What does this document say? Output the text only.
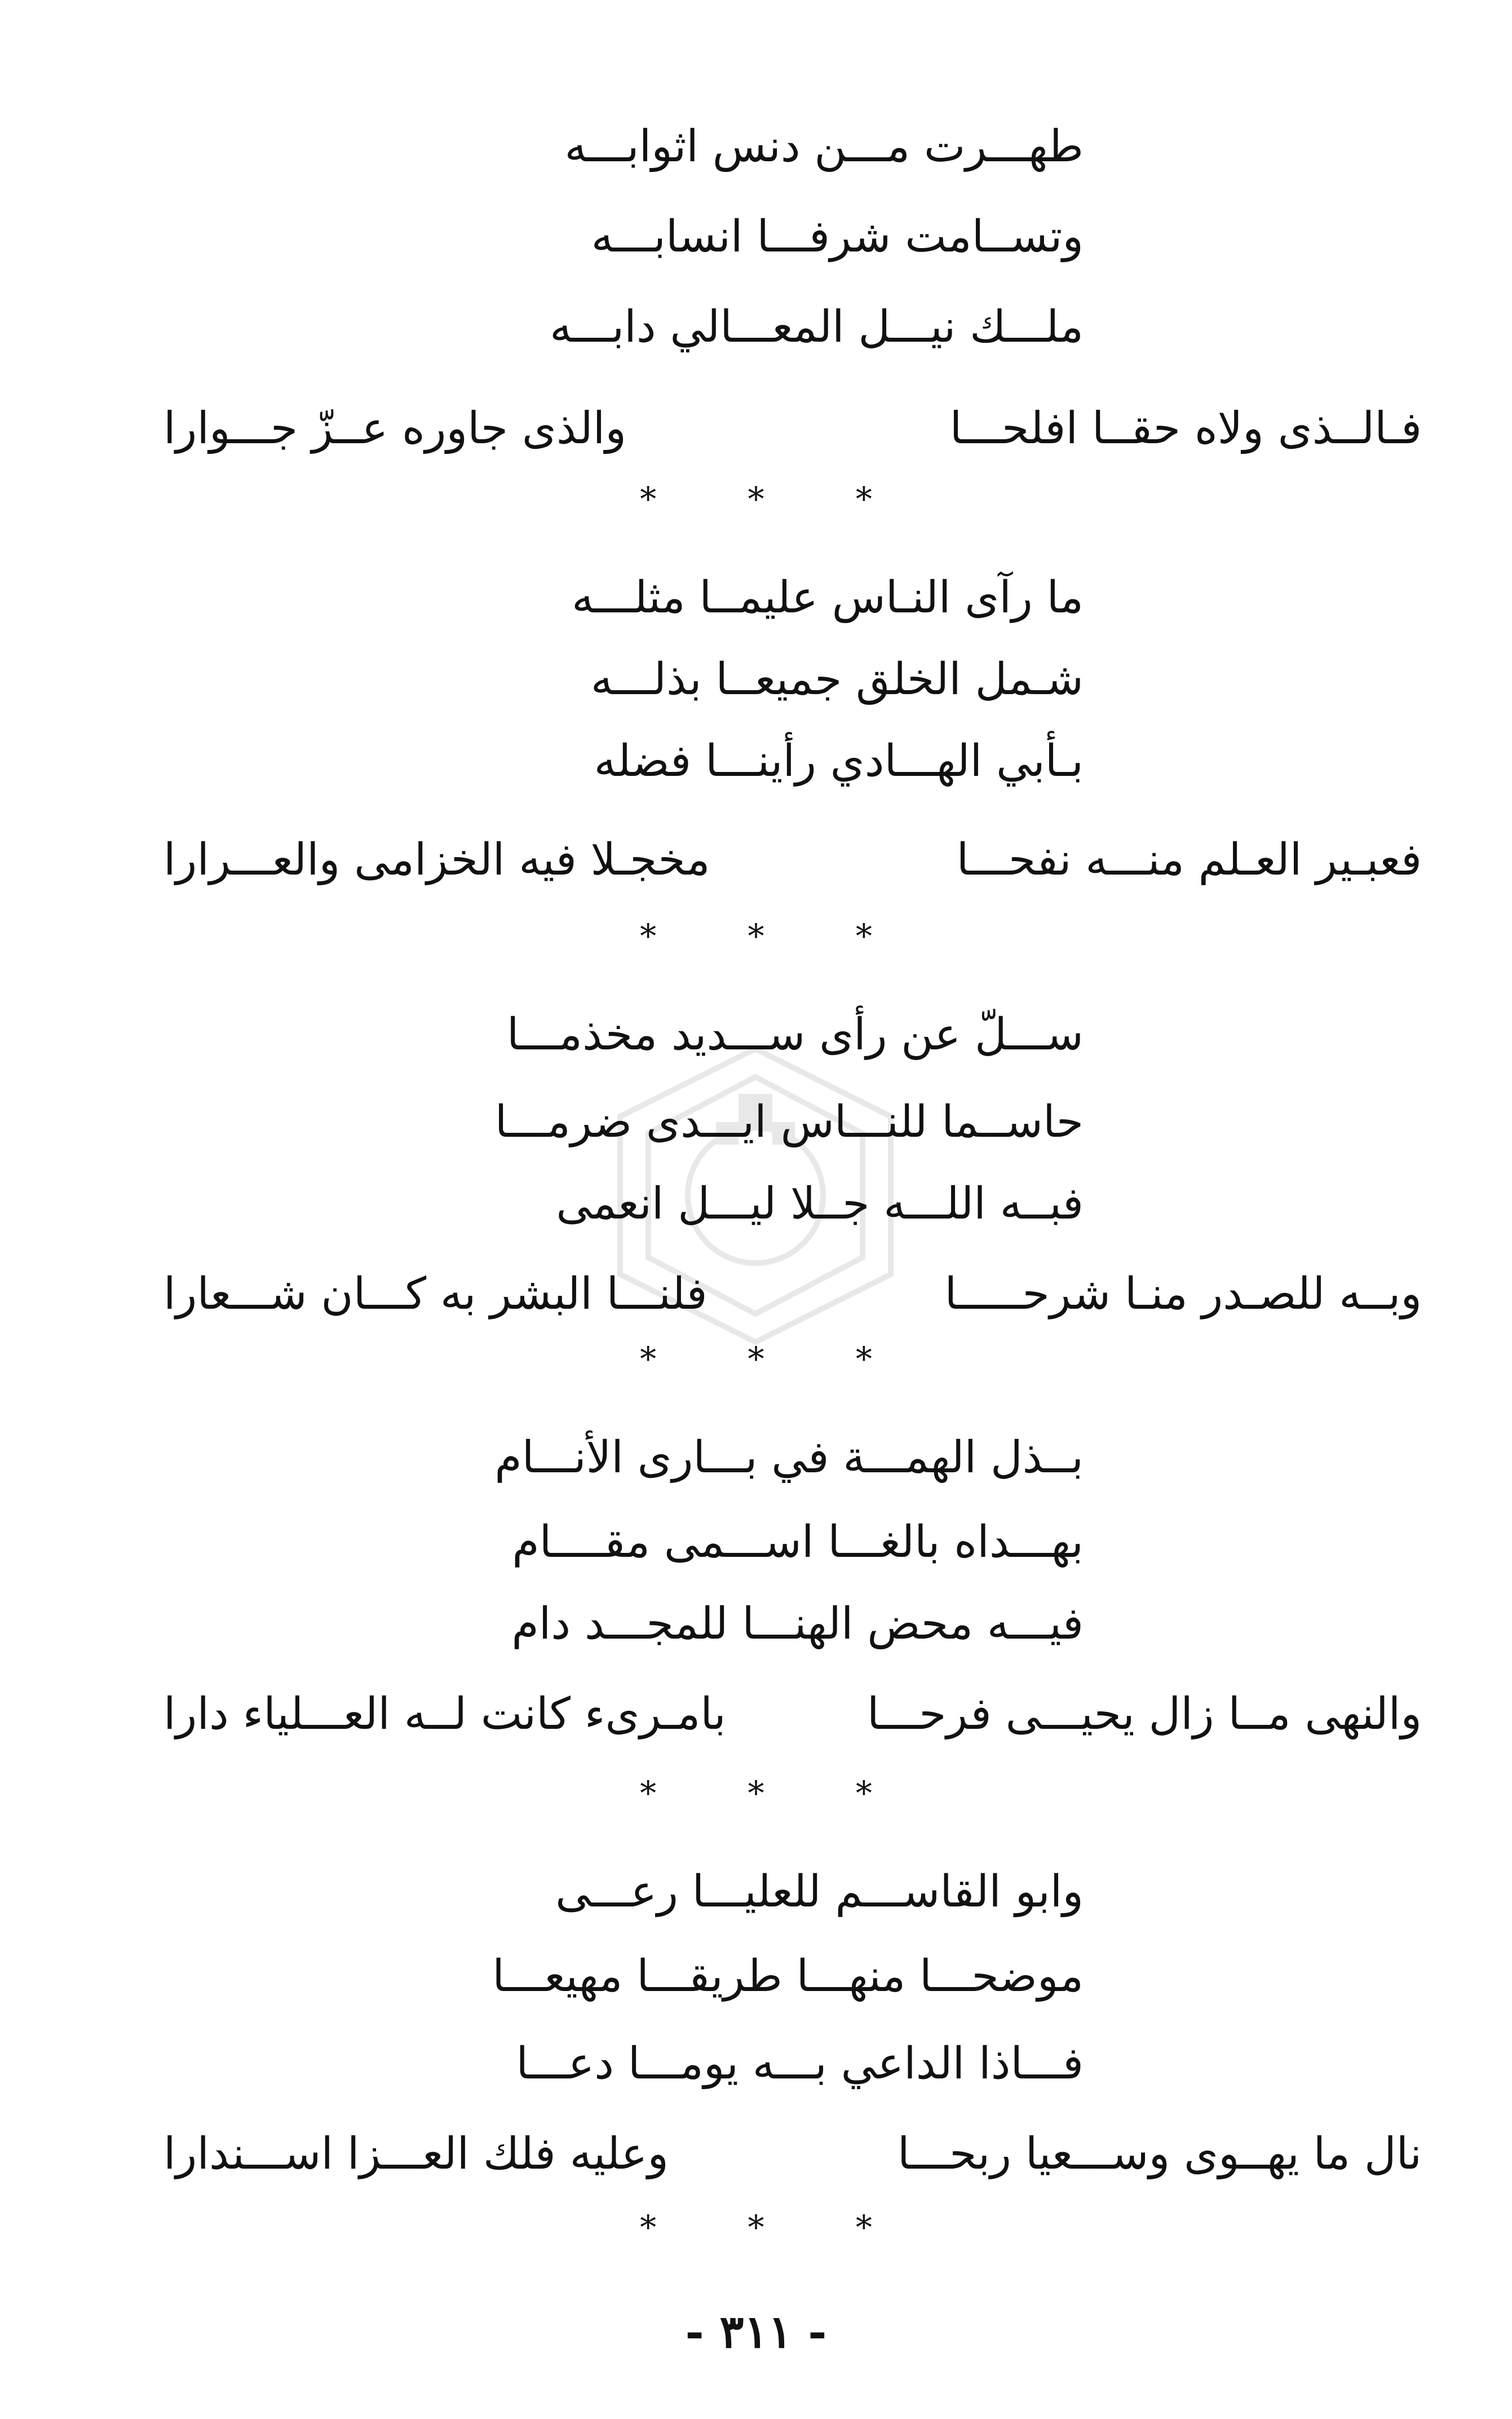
طهـــرت مـــن دنس اثوابـــه
وتســامت شرفـــا انسابـــه
ملـــك نيـــل المعـــالي دابـــه
فـالــذى ولاه حقــا افلحـــا
والذى جاوره عــزّ جـــوارا
* * *
ما رآى النـاس عليمــا مثلـــه
شـمل الخلق جميعــا بذلـــه
بـأبي الهـــادي رأينـــا فضله
فعبـير العـلم منـــه نفحـــا
مخجـلا فيه الخزامى والعـــرارا
* * *
ســـلّ عن رأى ســـديد مخذمـــا
حاســما للنـــاس ايـــدى ضرمـــا
فبــه اللـــه جــلا ليـــل انعمى
وبــه للصـدر منـا شرحـــــا
فلنـــا البشر به كـــان شـــعارا
* * *
بــذل الهمـــة في بـــارى الأنـــام
بهـــداه بالغـــا اســـمى مقــــام
فيـــه محض الهنـــا للمجـــد دام
والنهى مــا زال يحيـــى فرحـــا
بامـرىء كانت لــه العـــلياء دارا
* * *
وابو القاســـم للعليـــا رعـــى
موضحـــا منهـــا طريقـــا مهيعـــا
فـــاذا الداعي بـــه يومـــا دعـــا
نال ما يهــوى وســـعيا ربحـــا
وعليه فلك العـــزا اســـندارا
* * *
- ٣١١ -
